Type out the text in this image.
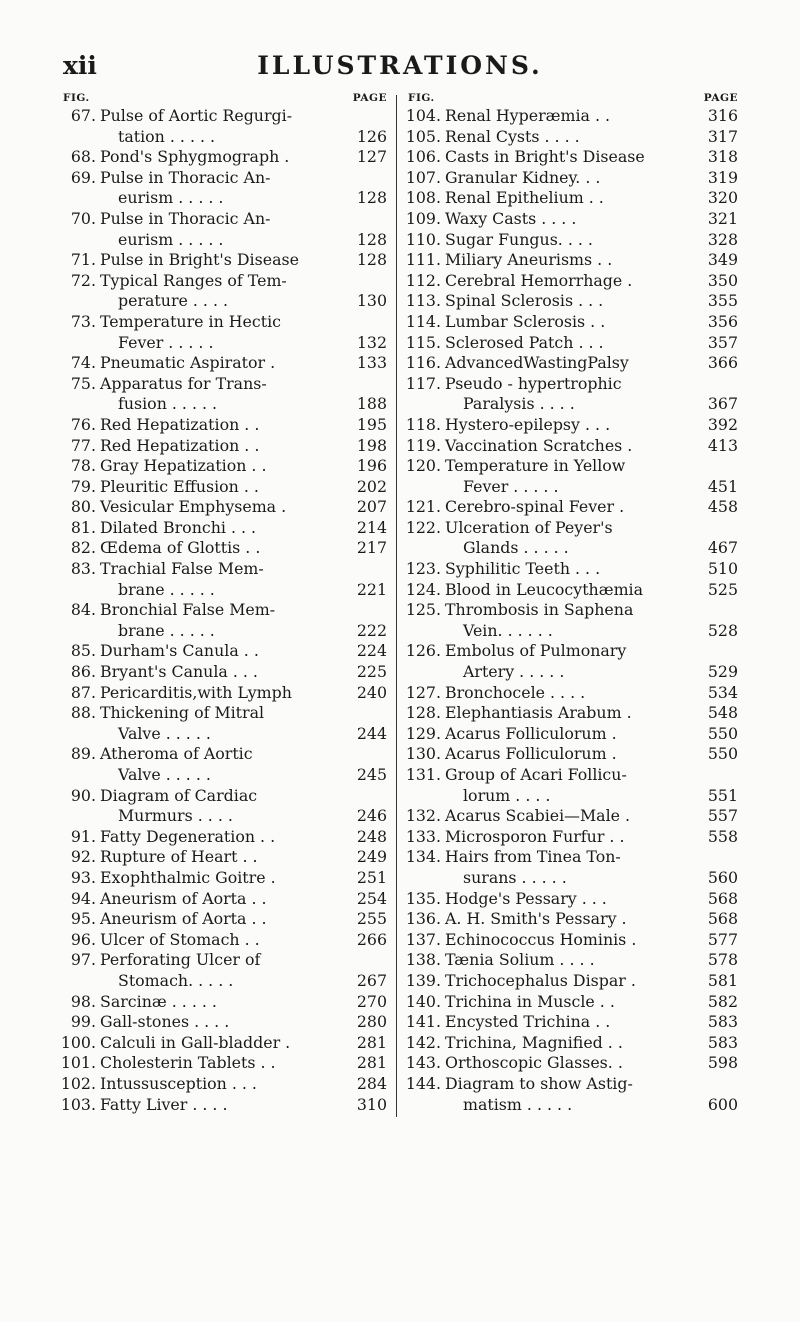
xii	ILLUSTRATIONS.
FIG.	PAGE
67. Pulse of Aortic Regurgi-
tation . . . . .	126
68. Pond's Sphygmograph .	127
69. Pulse in Thoracic An-
eurism . . . . .	128
70. Pulse in Thoracic An-
eurism . . . . .	128
71. Pulse in Bright's Disease	128
72. Typical Ranges of Tem-
perature . . . .	130
73. Temperature in Hectic
Fever . . . . .	132
74. Pneumatic Aspirator .	133
75. Apparatus for Trans-
fusion . . . . .	188
76. Red Hepatization . .	195
77. Red Hepatization . .	198
78. Gray Hepatization . .	196
79. Pleuritic Effusion . .	202
80. Vesicular Emphysema .	207
81. Dilated Bronchi . . .	214
82. Œdema of Glottis . .	217
83. Trachial False Mem-
brane . . . . .	221
84. Bronchial False Mem-
brane . . . . .	222
85. Durham's Canula . .	224
86. Bryant's Canula . . .	225
87. Pericarditis,with Lymph	240
88. Thickening of Mitral
Valve . . . . .	244
89. Atheroma of Aortic
Valve . . . . .	245
90. Diagram of Cardiac
Murmurs . . . .	246
91. Fatty Degeneration . .	248
92. Rupture of Heart . .	249
93. Exophthalmic Goitre .	251
94. Aneurism of Aorta . .	254
95. Aneurism of Aorta . .	255
96. Ulcer of Stomach . .	266
97. Perforating Ulcer of
Stomach. . . . .	267
98. Sarcinæ . . . . .	270
99. Gall-stones . . . .	280
100. Calculi in Gall-bladder .	281
101. Cholesterin Tablets . .	281
102. Intussusception . . .	284
103. Fatty Liver . . . .	310
FIG.	PAGE
104. Renal Hyperæmia . .	316
105. Renal Cysts . . . .	317
106. Casts in Bright's Disease	318
107. Granular Kidney. . .	319
108. Renal Epithelium . .	320
109. Waxy Casts . . . .	321
110. Sugar Fungus. . . .	328
111. Miliary Aneurisms . .	349
112. Cerebral Hemorrhage .	350
113. Spinal Sclerosis . . .	355
114. Lumbar Sclerosis . .	356
115. Sclerosed Patch . . .	357
116. AdvancedWastingPalsy	366
117. Pseudo - hypertrophic
Paralysis . . . .	367
118. Hystero-epilepsy . . .	392
119. Vaccination Scratches .	413
120. Temperature in Yellow
Fever . . . . .	451
121. Cerebro-spinal Fever .	458
122. Ulceration of Peyer's
Glands . . . . .	467
123. Syphilitic Teeth . . .	510
124. Blood in Leucocythæmia	525
125. Thrombosis in Saphena
Vein. . . . . .	528
126. Embolus of Pulmonary
Artery . . . . .	529
127. Bronchocele . . . .	534
128. Elephantiasis Arabum .	548
129. Acarus Folliculorum .	550
130. Acarus Folliculorum .	550
131. Group of Acari Follicu-
lorum . . . .	551
132. Acarus Scabiei—Male .	557
133. Microsporon Furfur . .	558
134. Hairs from Tinea Ton-
surans . . . . .	560
135. Hodge's Pessary . . .	568
136. A. H. Smith's Pessary .	568
137. Echinococcus Hominis .	577
138. Tænia Solium . . . .	578
139. Trichocephalus Dispar .	581
140. Trichina in Muscle . .	582
141. Encysted Trichina . .	583
142. Trichina, Magnified . .	583
143. Orthoscopic Glasses. .	598
144. Diagram to show Astig-
matism . . . . .	600
